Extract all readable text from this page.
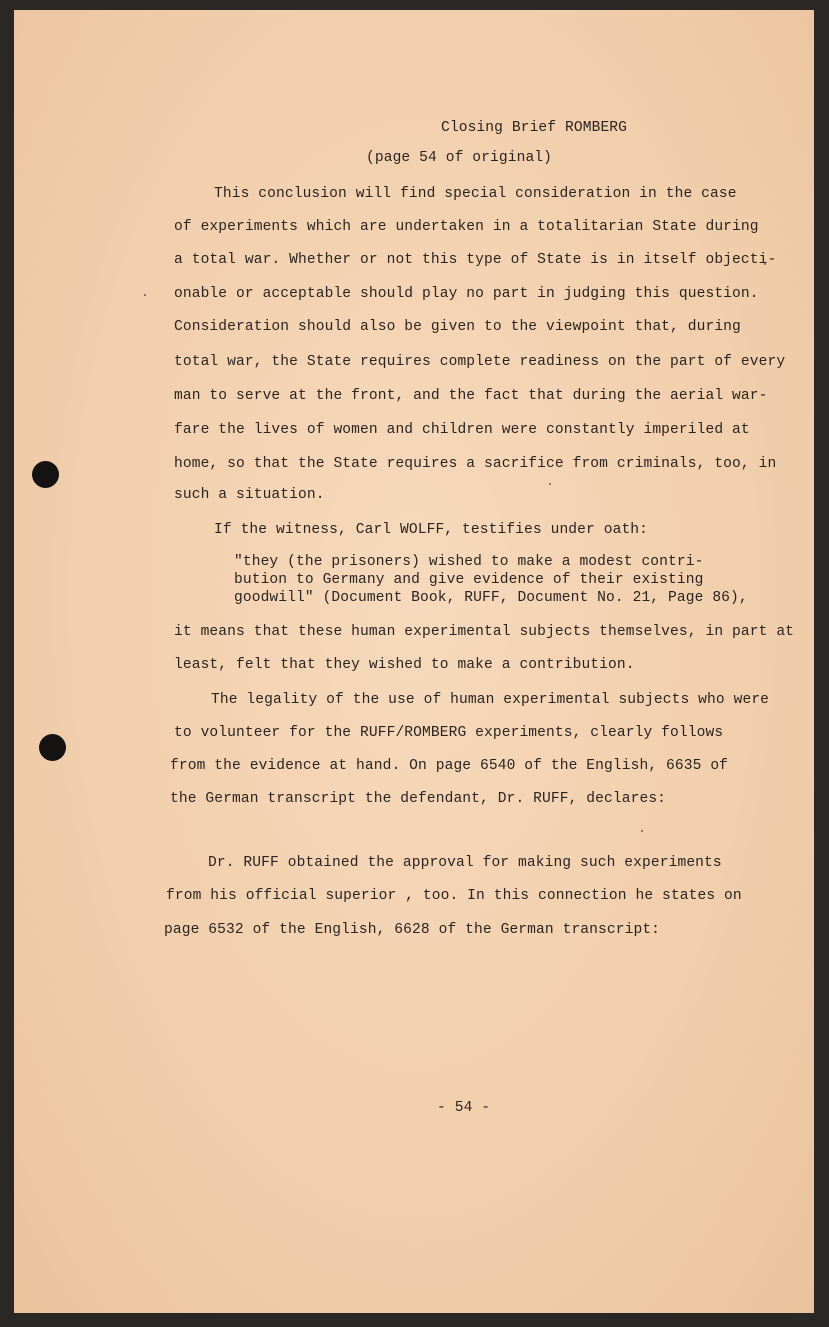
Closing Brief ROMBERG
(page 54 of original)
This conclusion will find special consideration in the case
of experiments which are undertaken in a totalitarian State during
a total war. Whether or not this type of State is in itself objecti-
onable or acceptable should play no part in judging this question.
Consideration should also be given to the viewpoint that, during
total war, the State requires complete readiness on the part of every
man to serve at the front, and the fact that during the aerial war-
fare the lives of women and children were constantly imperiled at
home, so that the State requires a sacrifice from criminals, too, in
such a situation.
If the witness, Carl WOLFF, testifies under oath:
"they (the prisoners) wished to make a modest contri-
bution to Germany and give evidence of their existing
goodwill" (Document Book, RUFF, Document No. 21, Page 86),
it means that these human experimental subjects themselves, in part at
least, felt that they wished to make a contribution.
The legality of the use of human experimental subjects who were
to volunteer for the RUFF/ROMBERG experiments, clearly follows
from the evidence at hand. On page 6540 of the English, 6635 of
the German transcript the defendant, Dr. RUFF, declares:
Dr. RUFF obtained the approval for making such experiments
from his official superior , too. In this connection he states on
page 6532 of the English, 6628 of the German transcript:
- 54 -
